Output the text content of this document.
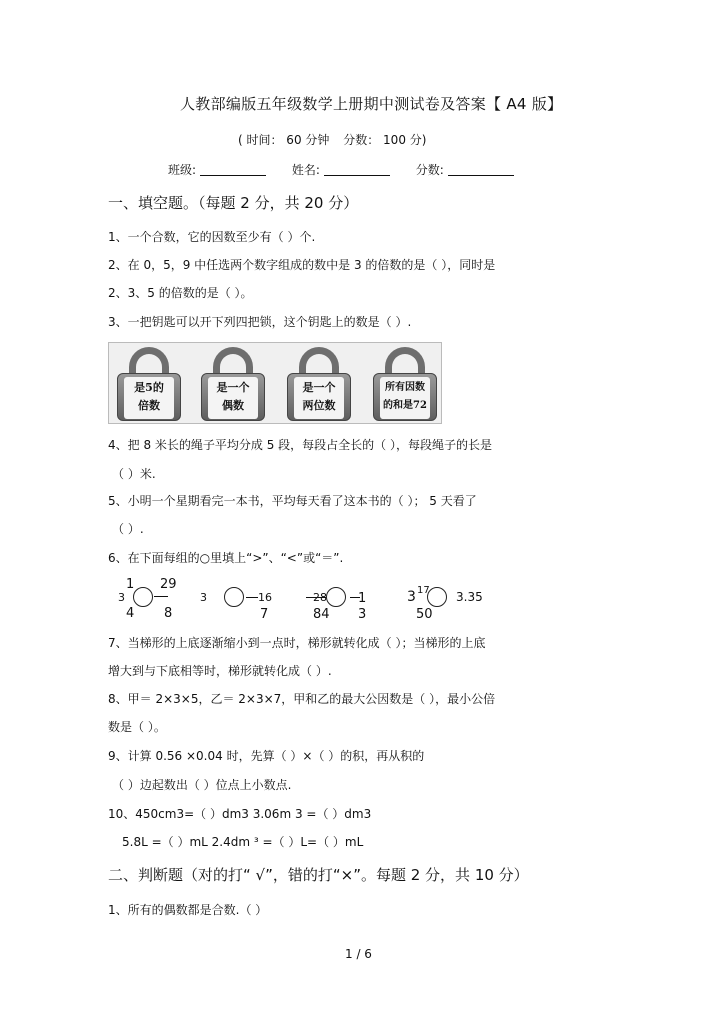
人教部编版五年级数学上册期中测试卷及答案【 A4 版】
( 时间： 60 分钟 分数： 100 分)
班级:	姓名:	分数:
一、填空题。（每题 2 分，共 20 分）
1、一个合数，它的因数至少有（ ）个.
2、在 0，5，9 中任选两个数字组成的数中是 3 的倍数的是（ ），同时是
2、3、5 的倍数的是（ ）。
3、一把钥匙可以开下列四把锁，这个钥匙上的数是（ ）.
是5的
倍数
是一个
偶数
是一个
两位数
所有因数
的和是72
4、把 8 米长的绳子平均分成 5 段，每段占全长的（ ），每段绳子的长是
（ ）米.
5、小明一个星期看完一本书，平均每天看了这本书的（ ）； 5 天看了
（ ）.
6、在下面每组的○里填上“>”、“<”或“＝”.
3
1
4
29
8
3	16
7
28
84
1
3
3 17
50
3.35
7、当梯形的上底逐渐缩小到一点时，梯形就转化成（ ）；当梯形的上底
增大到与下底相等时，梯形就转化成（ ）.
8、甲＝ 2×3×5，乙＝ 2×3×7，甲和乙的最大公因数是（ ），最小公倍
数是（ ）。
9、计算 0.56 ×0.04 时，先算（ ）×（ ）的积，再从积的
（ ）边起数出（ ）位点上小数点.
10、450cm3=（ ）dm3 3.06m 3 =（ ）dm3
5.8L =（ ）mL 2.4dm ³ =（ ）L=（ ）mL
二、判断题（对的打“ √”，错的打“×”。每题 2 分，共 10 分）
1、所有的偶数都是合数.（ ）
1 / 6
